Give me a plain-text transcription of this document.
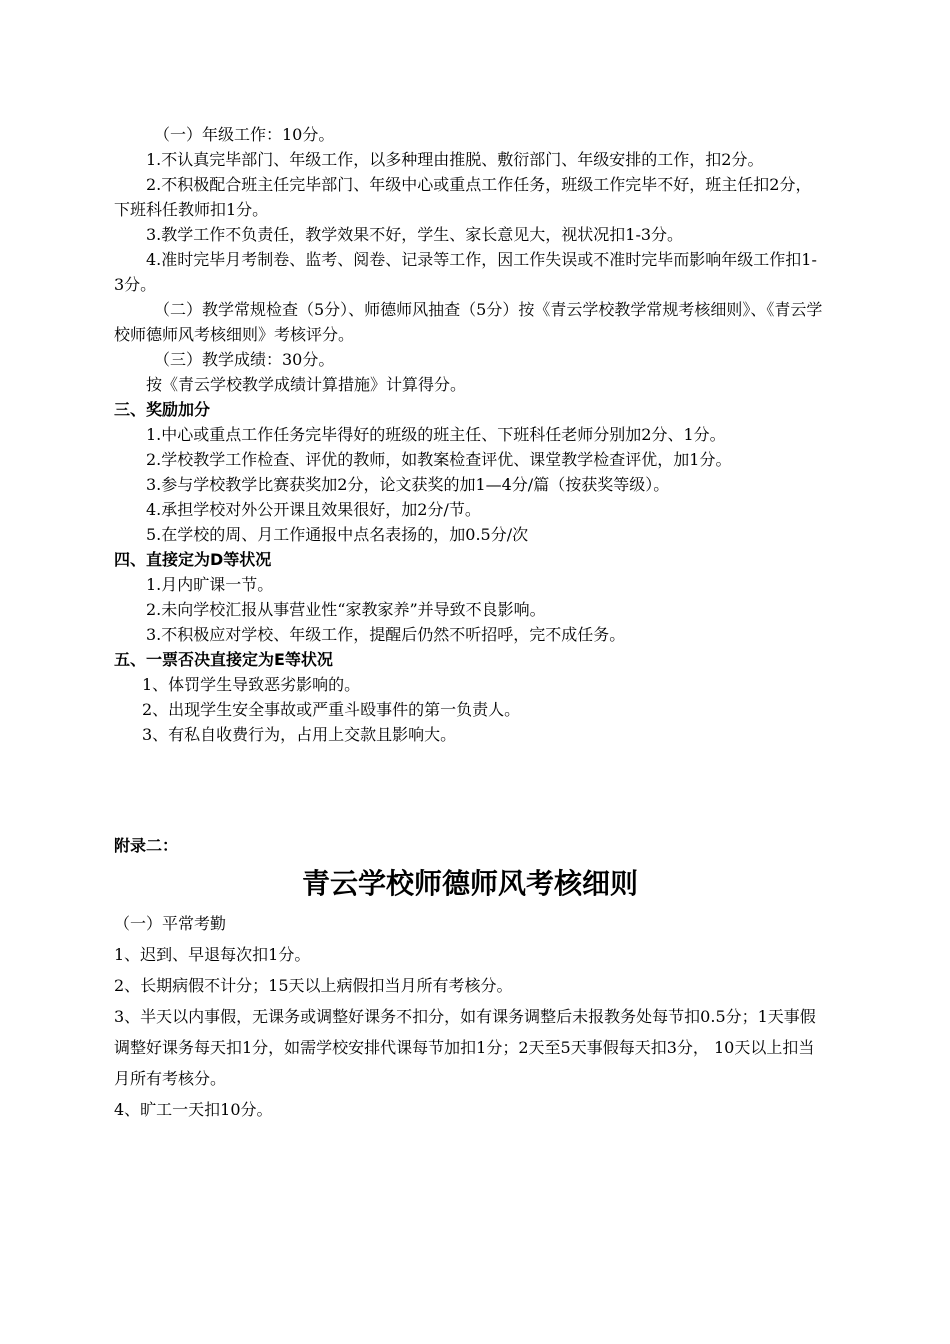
（一）年级工作：10分。

1.不认真完毕部门、年级工作，以多种理由推脱、敷衍部门、年级安排的工作，扣2分。

2.不积极配合班主任完毕部门、年级中心或重点工作任务，班级工作完毕不好，班主任扣2分，下班科任教师扣1分。

3.教学工作不负责任，教学效果不好，学生、家长意见大，视状况扣1-3分。

4.准时完毕月考制卷、监考、阅卷、记录等工作，因工作失误或不准时完毕而影响年级工作扣1-3分。

（二）教学常规检查（5分）、师德师风抽查（5分）按《青云学校教学常规考核细则》、《青云学校师德师风考核细则》考核评分。

（三）教学成绩：30分。

按《青云学校教学成绩计算措施》计算得分。

三、奖励加分

1.中心或重点工作任务完毕得好的班级的班主任、下班科任老师分别加2分、1分。

2.学校教学工作检查、评优的教师，如教案检查评优、课堂教学检查评优，加1分。

3.参与学校教学比赛获奖加2分，论文获奖的加1—4分/篇（按获奖等级）。

4.承担学校对外公开课且效果很好，加2分/节。

5.在学校的周、月工作通报中点名表扬的，加0.5分/次

四、直接定为D等状况

1.月内旷课一节。

2.未向学校汇报从事营业性“家教家养”并导致不良影响。

3.不积极应对学校、年级工作，提醒后仍然不听招呼，完不成任务。

五、一票否决直接定为E等状况

1、体罚学生导致恶劣影响的。

2、出现学生安全事故或严重斗殴事件的第一负责人。

3、有私自收费行为，占用上交款且影响大。

附录二：
青云学校师德师风考核细则

（一）平常考勤

1、迟到、早退每次扣1分。

2、长期病假不计分；15天以上病假扣当月所有考核分。

3、半天以内事假，无课务或调整好课务不扣分，如有课务调整后未报教务处每节扣0.5分；1天事假调整好课务每天扣1分，如需学校安排代课每节加扣1分；2天至5天事假每天扣3分， 10天以上扣当月所有考核分。

4、旷工一天扣10分。
